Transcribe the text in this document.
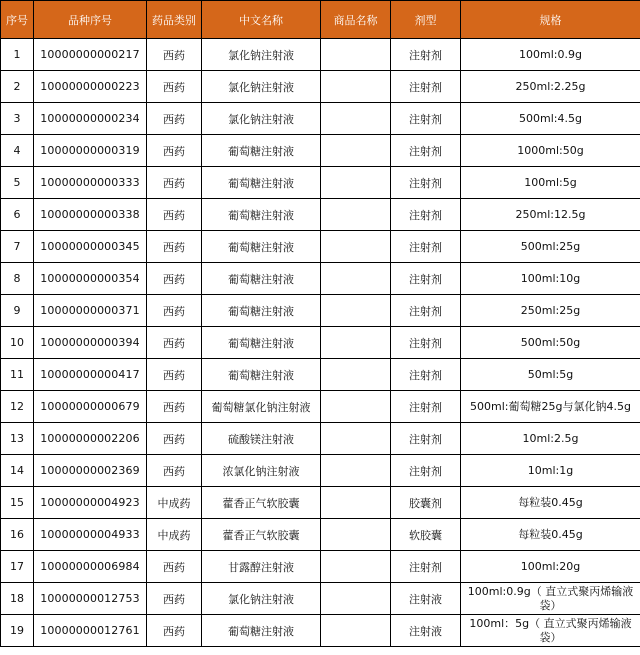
序号	品种序号	药品类别	中文名称	商品名称	剂型	规格
1	10000000000217	西药	氯化钠注射液		注射剂	100ml:0.9g
2	10000000000223	西药	氯化钠注射液		注射剂	250ml:2.25g
3	10000000000234	西药	氯化钠注射液		注射剂	500ml:4.5g
4	10000000000319	西药	葡萄糖注射液		注射剂	1000ml:50g
5	10000000000333	西药	葡萄糖注射液		注射剂	100ml:5g
6	10000000000338	西药	葡萄糖注射液		注射剂	250ml:12.5g
7	10000000000345	西药	葡萄糖注射液		注射剂	500ml:25g
8	10000000000354	西药	葡萄糖注射液		注射剂	100ml:10g
9	10000000000371	西药	葡萄糖注射液		注射剂	250ml:25g
10	10000000000394	西药	葡萄糖注射液		注射剂	500ml:50g
11	10000000000417	西药	葡萄糖注射液		注射剂	50ml:5g
12	10000000000679	西药	葡萄糖氯化钠注射液		注射剂	500ml:葡萄糖25g与氯化钠4.5g
13	10000000002206	西药	硫酸镁注射液		注射剂	10ml:2.5g
14	10000000002369	西药	浓氯化钠注射液		注射剂	10ml:1g
15	10000000004923	中成药	藿香正气软胶囊		胶囊剂	每粒装0.45g
16	10000000004933	中成药	藿香正气软胶囊		软胶囊	每粒装0.45g
17	10000000006984	西药	甘露醇注射液		注射剂	100ml:20g
18	10000000012753	西药	氯化钠注射液		注射液	100ml:0.9g（ 直立式聚丙烯输液袋）
19	10000000012761	西药	葡萄糖注射液		注射液	100ml：5g（ 直立式聚丙烯输液袋）
